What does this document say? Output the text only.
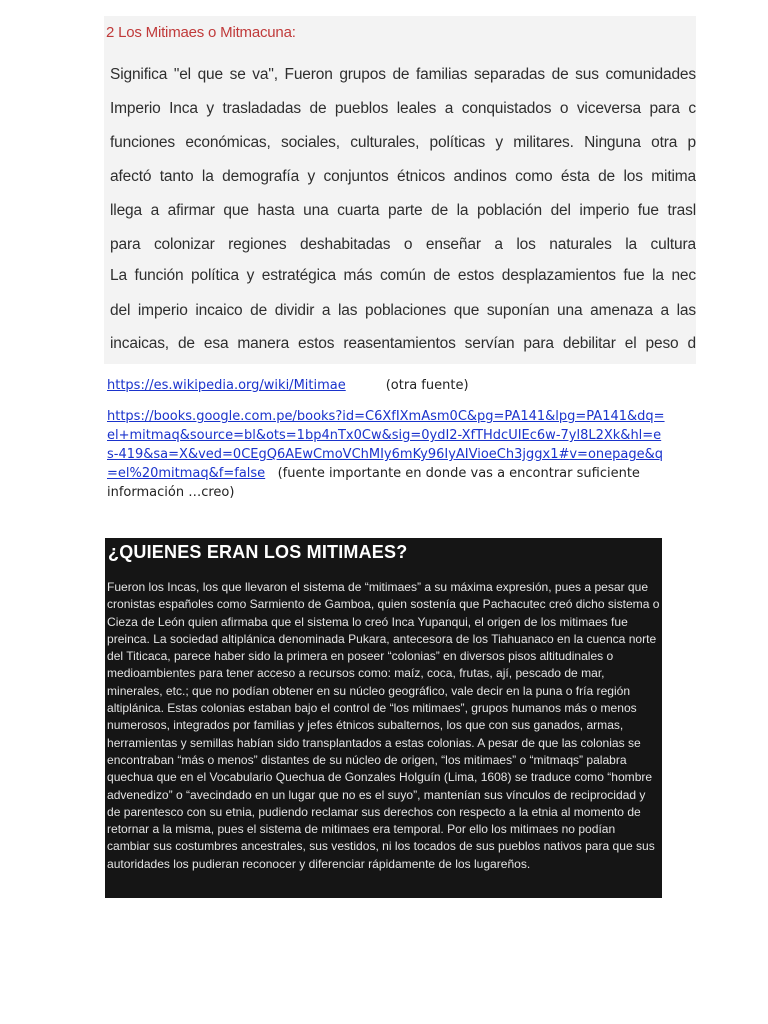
2 Los Mitimaes o Mitmacuna:

Significa "el que se va", Fueron grupos de familias separadas de sus comunidades

Imperio Inca y trasladadas de pueblos leales a conquistados o viceversa para c

funciones económicas, sociales, culturales, políticas y militares. Ninguna otra p

afectó tanto la demografía y conjuntos étnicos andinos como ésta de los mitima

llega a afirmar que hasta una cuarta parte de la población del imperio fue trasl

para colonizar regiones deshabitadas o enseñar a los naturales la cultura

La función política y estratégica más común de estos desplazamientos fue la nec

del imperio incaico de dividir a las poblaciones que suponían una amenaza a las

incaicas, de esa manera estos reasentamientos servían para debilitar el peso d

https://es.wikipedia.org/wiki/Mitimae	(otra fuente)

https://books.google.com.pe/books?id=C6XfIXmAsm0C&pg=PA141&lpg=PA141&dq=el+mitmaq&source=bl&ots=1bp4nTx0Cw&sig=0ydI2-XfTHdcUIEc6w-7yl8L2Xk&hl=es-419&sa=X&ved=0CEgQ6AEwCmoVChMIy6mKy96IyAIVioeCh3jggx1#v=onepage&q=el%20mitmaq&f=false (fuente importante en donde vas a encontrar suficiente información …creo)

¿QUIENES ERAN LOS MITIMAES?

Fueron los Incas, los que llevaron el sistema de “mitimaes” a su máxima expresión, pues a pesar que cronistas españoles como Sarmiento de Gamboa, quien sostenía que Pachacutec creó dicho sistema o Cieza de León quien afirmaba que el sistema lo creó Inca Yupanqui, el origen de los mitimaes fue preinca. La sociedad altiplánica denominada Pukara, antecesora de los Tiahuanaco en la cuenca norte del Titicaca, parece haber sido la primera en poseer “colonias” en diversos pisos altitudinales o medioambientes para tener acceso a recursos como: maíz, coca, frutas, ají, pescado de mar, minerales, etc.; que no podían obtener en su núcleo geográfico, vale decir en la puna o fría región altiplánica. Estas colonias estaban bajo el control de “los mitimaes”, grupos humanos más o menos numerosos, integrados por familias y jefes étnicos subalternos, los que con sus ganados, armas, herramientas y semillas habían sido transplantados a estas colonias. A pesar de que las colonias se encontraban “más o menos” distantes de su núcleo de origen, “los mitimaes” o “mitmaqs” palabra quechua que en el Vocabulario Quechua de Gonzales Holguín (Lima, 1608) se traduce como “hombre advenedizo” o “avecindado en un lugar que no es el suyo”, mantenían sus vínculos de reciprocidad y de parentesco con su etnia, pudiendo reclamar sus derechos con respecto a la etnia al momento de retornar a la misma, pues el sistema de mitimaes era temporal. Por ello los mitimaes no podían cambiar sus costumbres ancestrales, sus vestidos, ni los tocados de sus pueblos nativos para que sus autoridades los pudieran reconocer y diferenciar rápidamente de los lugareños.
